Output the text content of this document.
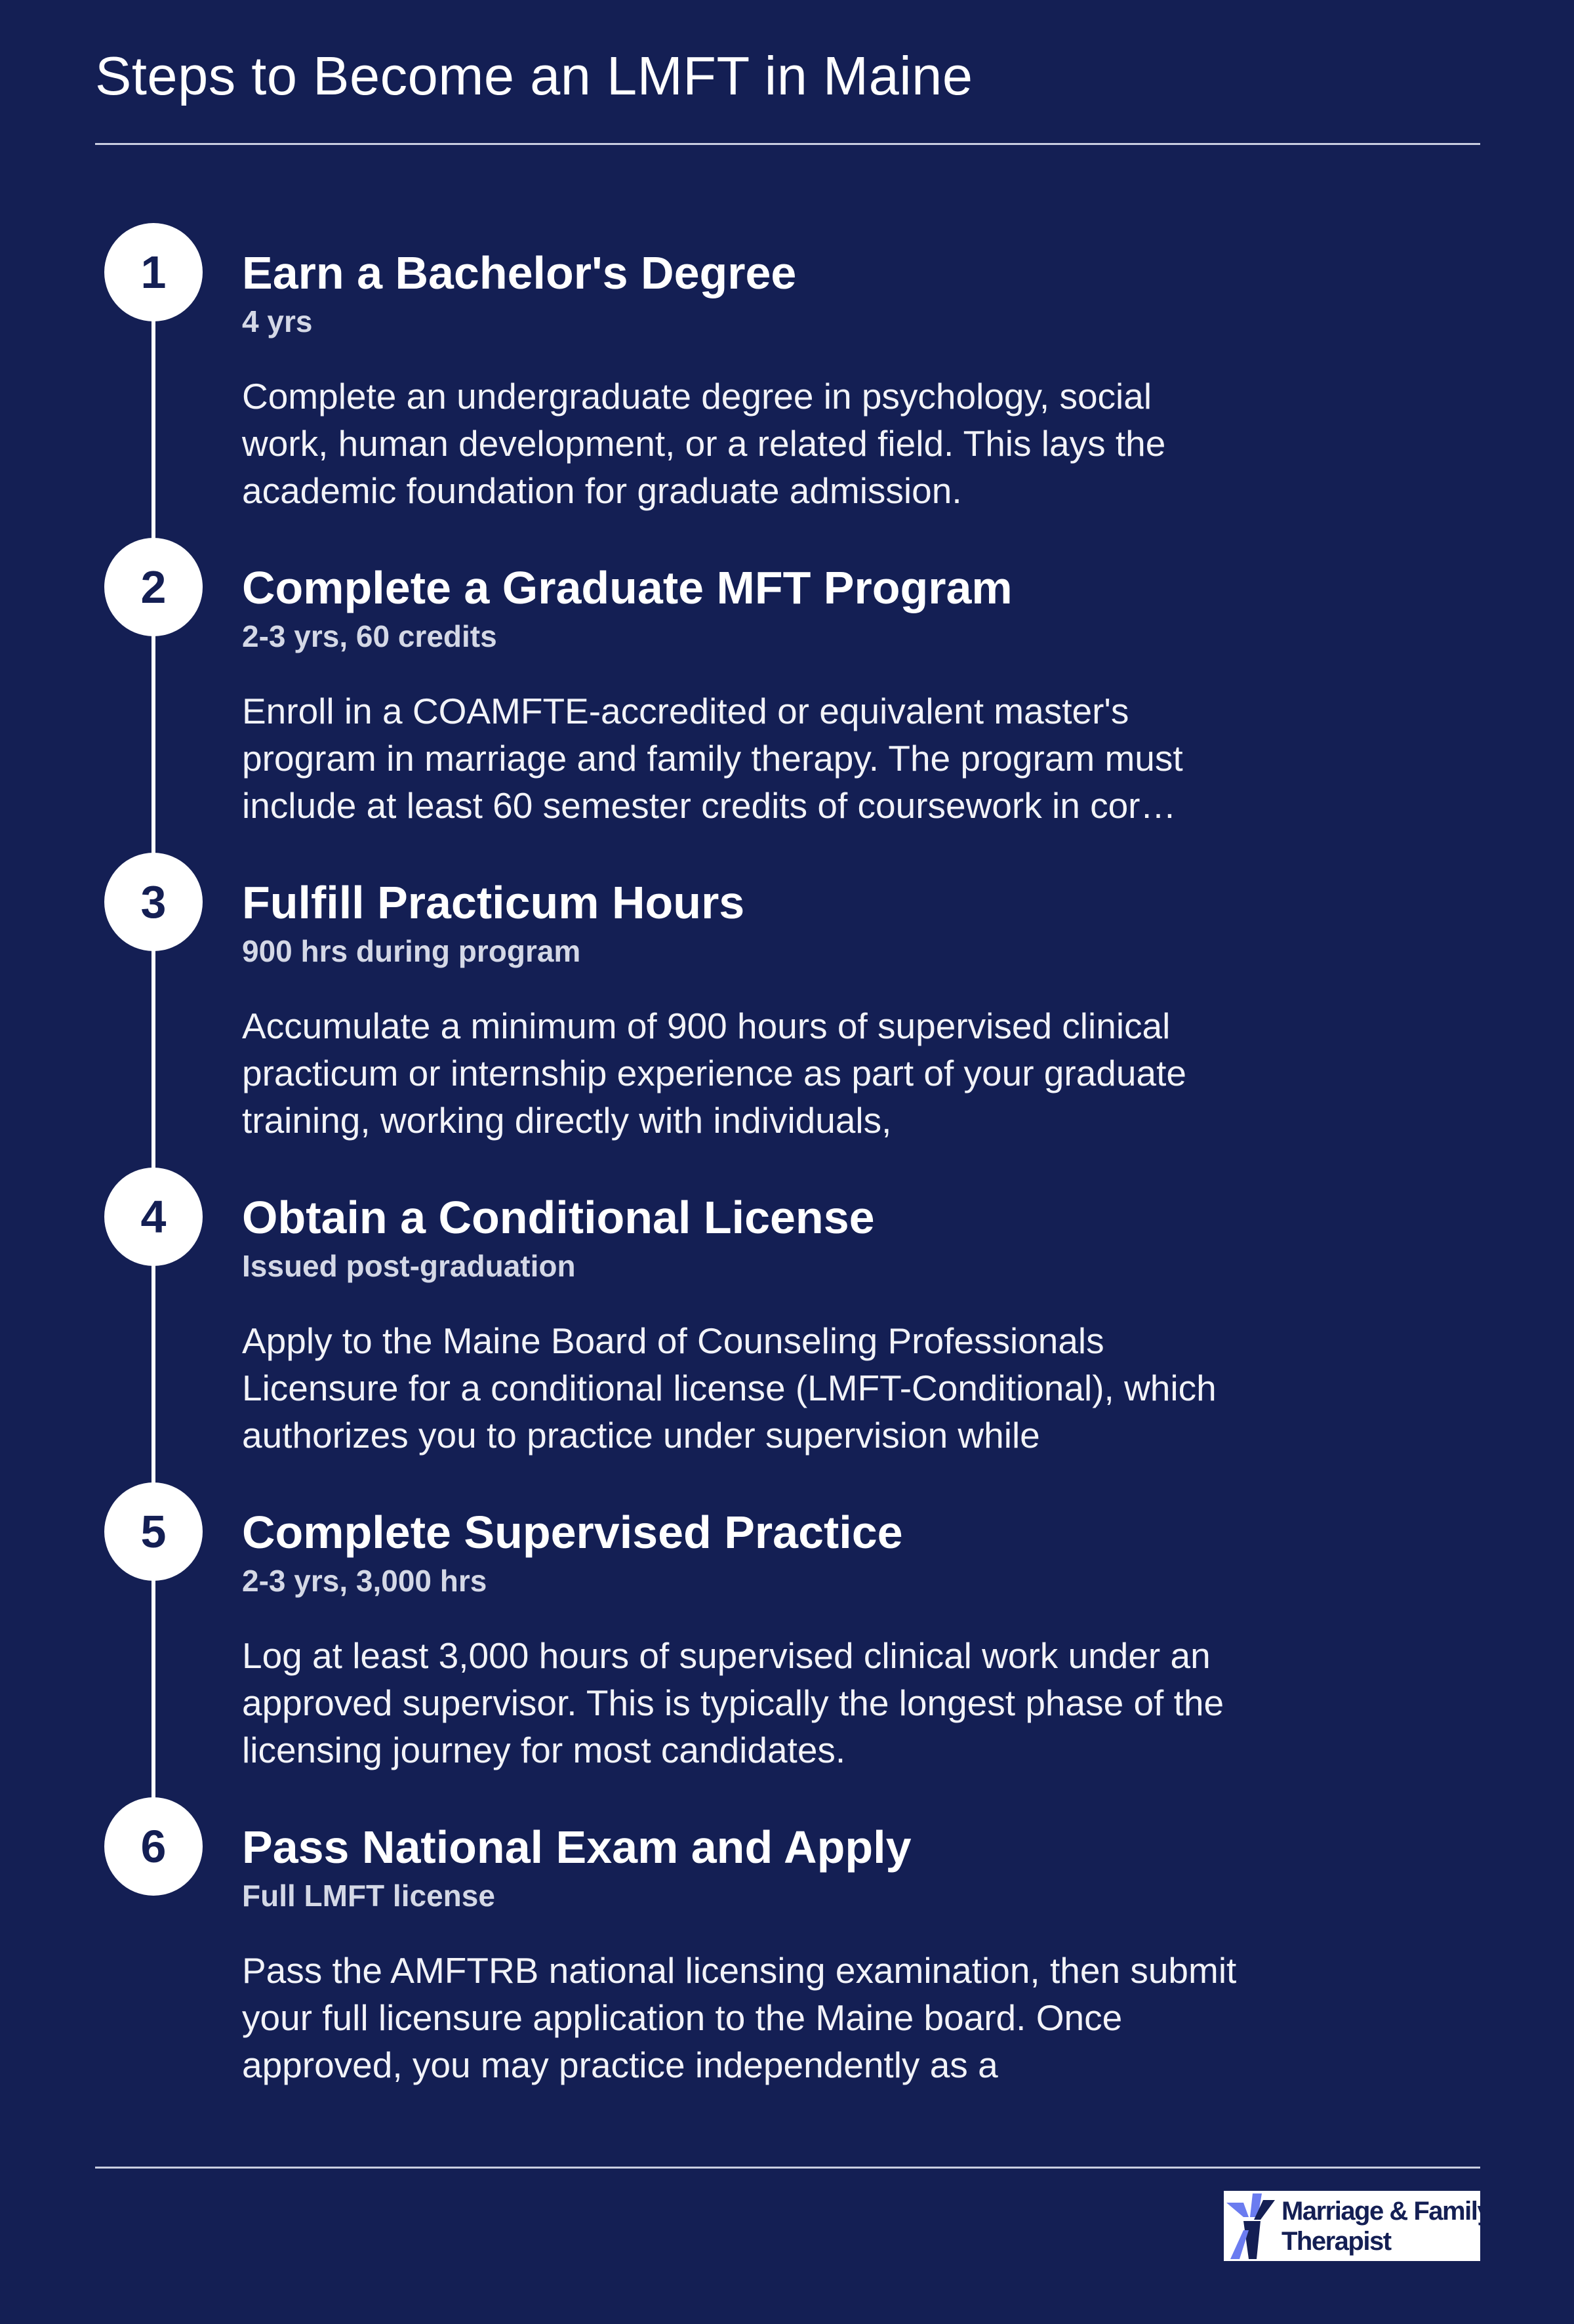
Steps to Become an LMFT in Maine
1	Earn a Bachelor's Degree
4 yrs
Complete an undergraduate degree in psychology, social work, human development, or a related field. This lays the academic foundation for graduate admission.
2	Complete a Graduate MFT Program
2-3 yrs, 60 credits
Enroll in a COAMFTE-accredited or equivalent master's program in marriage and family therapy. The program must include at least 60 semester credits of coursework in cor…
3	Fulfill Practicum Hours
900 hrs during program
Accumulate a minimum of 900 hours of supervised clinical practicum or internship experience as part of your graduate training, working directly with individuals,
4	Obtain a Conditional License
Issued post-graduation
Apply to the Maine Board of Counseling Professionals Licensure for a conditional license (LMFT-Conditional), which authorizes you to practice under supervision while
5	Complete Supervised Practice
2-3 yrs, 3,000 hrs
Log at least 3,000 hours of supervised clinical work under an approved supervisor. This is typically the longest phase of the licensing journey for most candidates.
6	Pass National Exam and Apply
Full LMFT license
Pass the AMFTRB national licensing examination, then submit your full licensure application to the Maine board. Once approved, you may practice independently as a
Marriage & Family
Therapist
